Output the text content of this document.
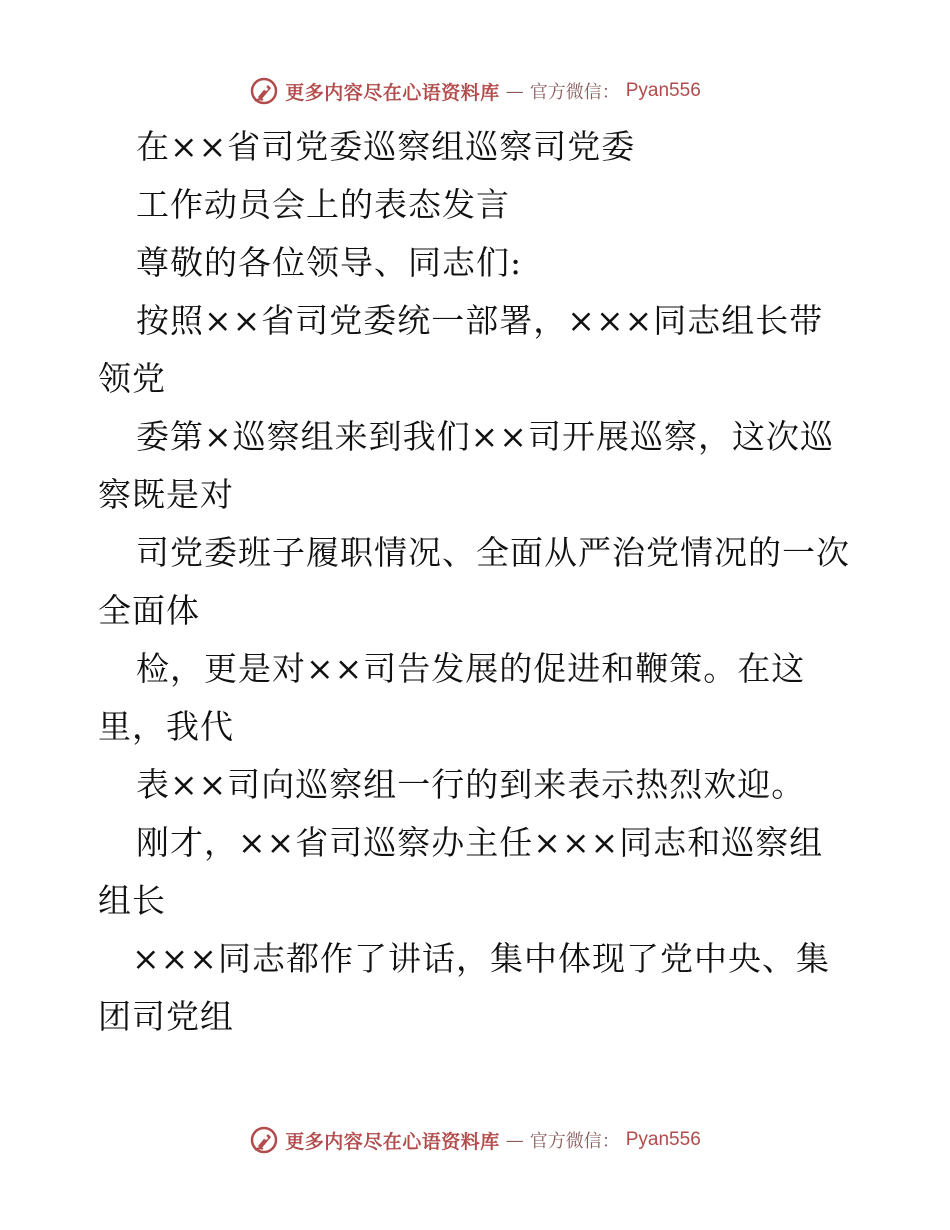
更多内容尽在心语资料库 — 官方微信： Pyan556
在××省司党委巡察组巡察司党委
工作动员会上的表态发言
尊敬的各位领导、同志们:
按照××省司党委统一部署，×××同志组长带
领党
委第×巡察组来到我们××司开展巡察，这次巡
察既是对
司党委班子履职情况、全面从严治党情况的一次
全面体
检，更是对××司告发展的促进和鞭策。在这
里，我代
表××司向巡察组一行的到来表示热烈欢迎。
刚才，××省司巡察办主任×××同志和巡察组
组长
×××同志都作了讲话，集中体现了党中央、集
团司党组
更多内容尽在心语资料库 — 官方微信： Pyan556
